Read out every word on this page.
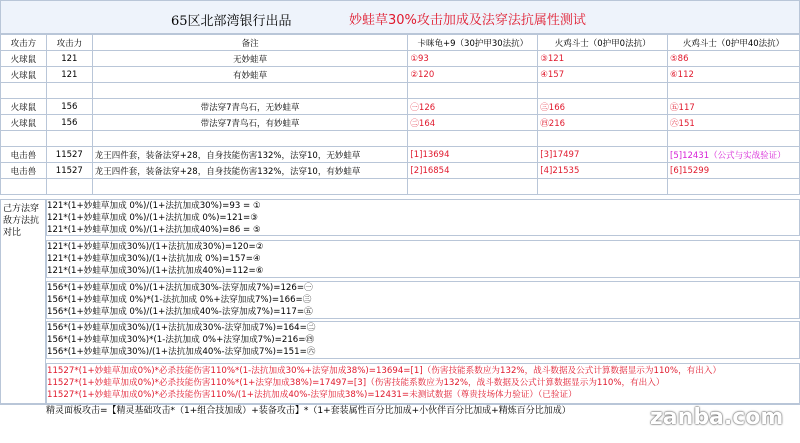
65区北部湾银行出品	妙蛙草30%攻击加成及法穿法抗属性测试
攻击方	攻击力	备注	卡咪龟+9（30护甲30法抗）	火鸡斗士（0护甲0法抗）	火鸡斗士（0护甲40法抗）
火球鼠	121	无妙蛙草	①93	③121	⑤86
火球鼠	121	有妙蛙草	②120	④157	⑥112

火球鼠	156	带法穿7青鸟石，无妙蛙草	㊀126	㊂166	㊄117
火球鼠	156	带法穿7青鸟石，有妙蛙草	㊁164	㊃216	㊅151

电击兽	11527	龙王四件套，装备法穿+28，自身技能伤害132%，法穿10，无妙蛙草	[1]13694	[3]17497	[5]12431（公式与实战验证）
电击兽	11527	龙王四件套，装备法穿+28，自身技能伤害132%，法穿10，有妙蛙草	[2]16854	[4]21535	[6]15299

己方法穿敌方法抗对比
121*(1+妙蛙草加成 0%)/(1+法抗加成30%)=93 = ①
121*(1+妙蛙草加成 0%)/(1+法抗加成 0%)=121=③
121*(1+妙蛙草加成 0%)/(1+法抗加成40%)=86 = ⑤
121*(1+妙蛙草加成30%)/(1+法抗加成30%)=120=②
121*(1+妙蛙草加成30%)/(1+法抗加成 0%)=157=④
121*(1+妙蛙草加成30%)/(1+法抗加成40%)=112=⑥
156*(1+妙蛙草加成 0%)/(1+法抗加成30%-法穿加成7%)=126=㊀
156*(1+妙蛙草加成 0%)*(1-法抗加成 0%+法穿加成7%)=166=㊂
156*(1+妙蛙草加成 0%)/(1+法抗加成40%-法穿加成7%)=117=㊄
156*(1+妙蛙草加成30%)/(1+法抗加成30%-法穿加成7%)=164=㊁
156*(1+妙蛙草加成30%)*(1-法抗加成 0%+法穿加成7%)=216=㊃
156*(1+妙蛙草加成30%)/(1+法抗加成40%-法穿加成7%)=151=㊅
11527*(1+妙蛙草加成0%)*必杀技能伤害110%*(1-法抗加成30%+法穿加成38%)=13694=[1]（伤害技能系数应为132%，战斗数据及公式计算数据显示为110%，有出入）
11527*(1+妙蛙草加成0%)*必杀技能伤害110%*(1+法穿加成38%)=17497=[3]（伤害技能系数应为132%，战斗数据及公式计算数据显示为110%，有出入）
11527*(1+妙蛙草加成0%)*必杀技能伤害110%/(1+法抗加成40%-法穿加成38%)=12431=未测试数据（尊贵技场体力验证）（已验证）
精灵面板攻击=【精灵基础攻击*（1+组合技加成）+装备攻击】*（1+套装属性百分比加成+小伙伴百分比加成+精炼百分比加成）	zanba.com
